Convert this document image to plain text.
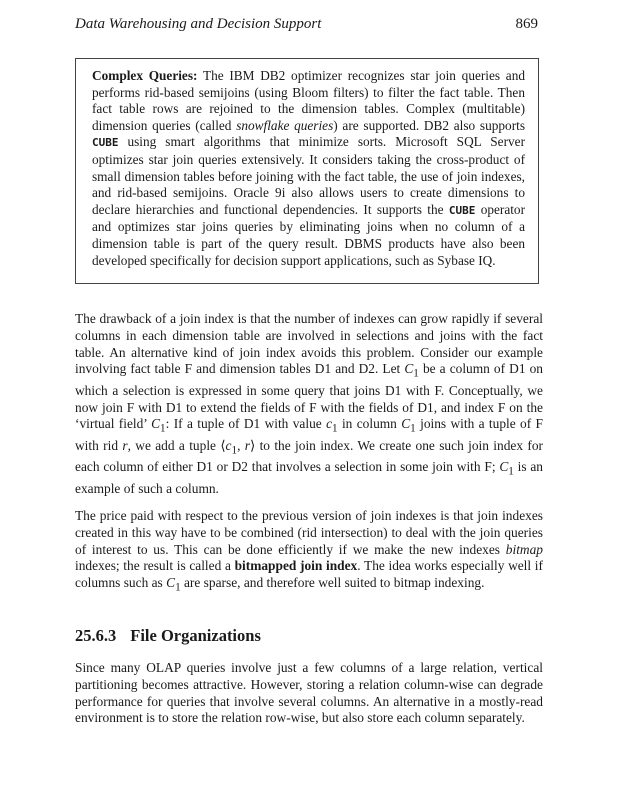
Data Warehousing and Decision Support	869
Complex Queries: The IBM DB2 optimizer recognizes star join queries and performs rid-based semijoins (using Bloom filters) to filter the fact table. Then fact table rows are rejoined to the dimension tables. Complex (multitable) dimension queries (called snowflake queries) are supported. DB2 also supports CUBE using smart algorithms that minimize sorts. Microsoft SQL Server optimizes star join queries extensively. It considers taking the cross-product of small dimension tables before joining with the fact table, the use of join indexes, and rid-based semijoins. Oracle 9i also allows users to create dimensions to declare hierarchies and functional dependencies. It supports the CUBE operator and optimizes star joins queries by eliminating joins when no column of a dimension table is part of the query result. DBMS products have also been developed specifically for decision support applications, such as Sybase IQ.
The drawback of a join index is that the number of indexes can grow rapidly if several columns in each dimension table are involved in selections and joins with the fact table. An alternative kind of join index avoids this problem. Consider our example involving fact table F and dimension tables D1 and D2. Let $C_1$ be a column of D1 on which a selection is expressed in some query that joins D1 with F. Conceptually, we now join F with D1 to extend the fields of F with the fields of D1, and index F on the ‘virtual field’ $C_1$: If a tuple of D1 with value $c_1$ in column $C_1$ joins with a tuple of F with rid r, we add a tuple $⟨c_1$, r⟩ to the join index. We create one such join index for each column of either D1 or D2 that involves a selection in some join with F; $C_1$ is an example of such a column.
The price paid with respect to the previous version of join indexes is that join indexes created in this way have to be combined (rid intersection) to deal with the join queries of interest to us. This can be done efficiently if we make the new indexes bitmap indexes; the result is called a bitmapped join index. The idea works especially well if columns such as $C_1$ are sparse, and therefore well suited to bitmap indexing.
25.6.3 File Organizations
Since many OLAP queries involve just a few columns of a large relation, vertical partitioning becomes attractive. However, storing a relation column-wise can degrade performance for queries that involve several columns. An alternative in a mostly-read environment is to store the relation row-wise, but also store each column separately.
